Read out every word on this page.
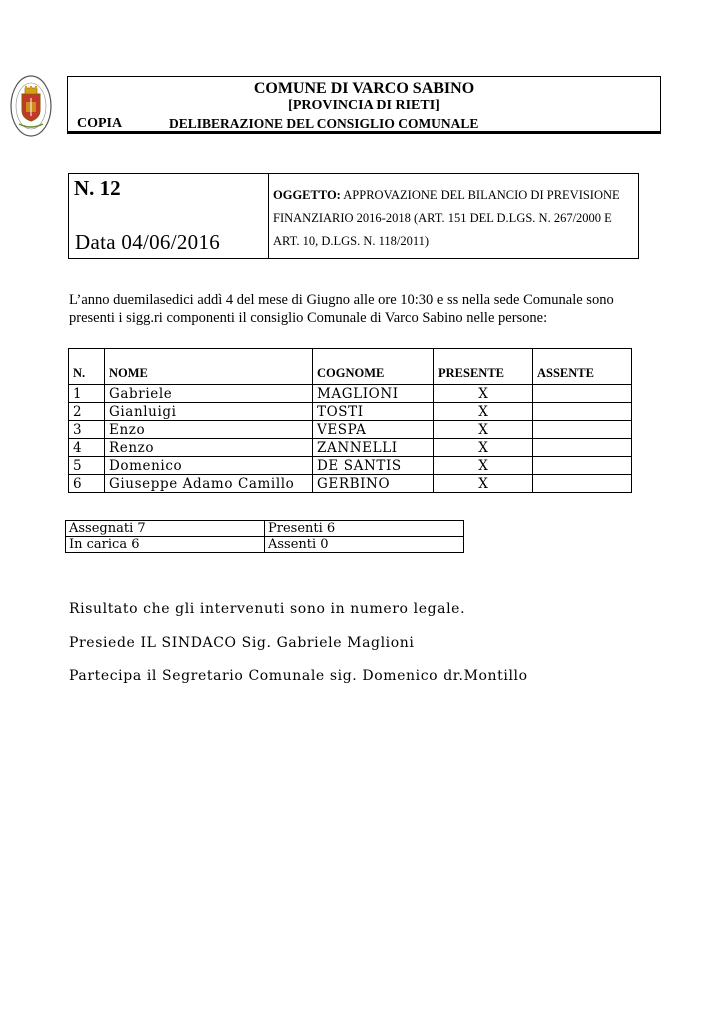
COMUNE DI VARCO SABINO
[PROVINCIA DI RIETI]
COPIA	DELIBERAZIONE DEL CONSIGLIO COMUNALE
N. 12
Data 04/06/2016
OGGETTO: APPROVAZIONE DEL BILANCIO DI PREVISIONE FINANZIARIO 2016-2018 (ART. 151 DEL D.LGS. N. 267/2000 E ART. 10, D.LGS. N. 118/2011)
L’anno duemilasedici addì 4 del mese di Giugno alle ore 10:30 e ss nella sede Comunale sono presenti i sigg.ri componenti il consiglio Comunale di Varco Sabino nelle persone:
N.	NOME	COGNOME	PRESENTE	ASSENTE
1	Gabriele	MAGLIONI	X	
2	Gianluigi	TOSTI	X	
3	Enzo	VESPA	X	
4	Renzo	ZANNELLI	X	
5	Domenico	DE SANTIS	X	
6	Giuseppe Adamo Camillo	GERBINO	X	
Assegnati 7	Presenti 6
In carica 6	Assenti 0
Risultato che gli intervenuti sono in numero legale.
Presiede IL SINDACO Sig. Gabriele Maglioni
Partecipa il Segretario Comunale sig. Domenico dr.Montillo
